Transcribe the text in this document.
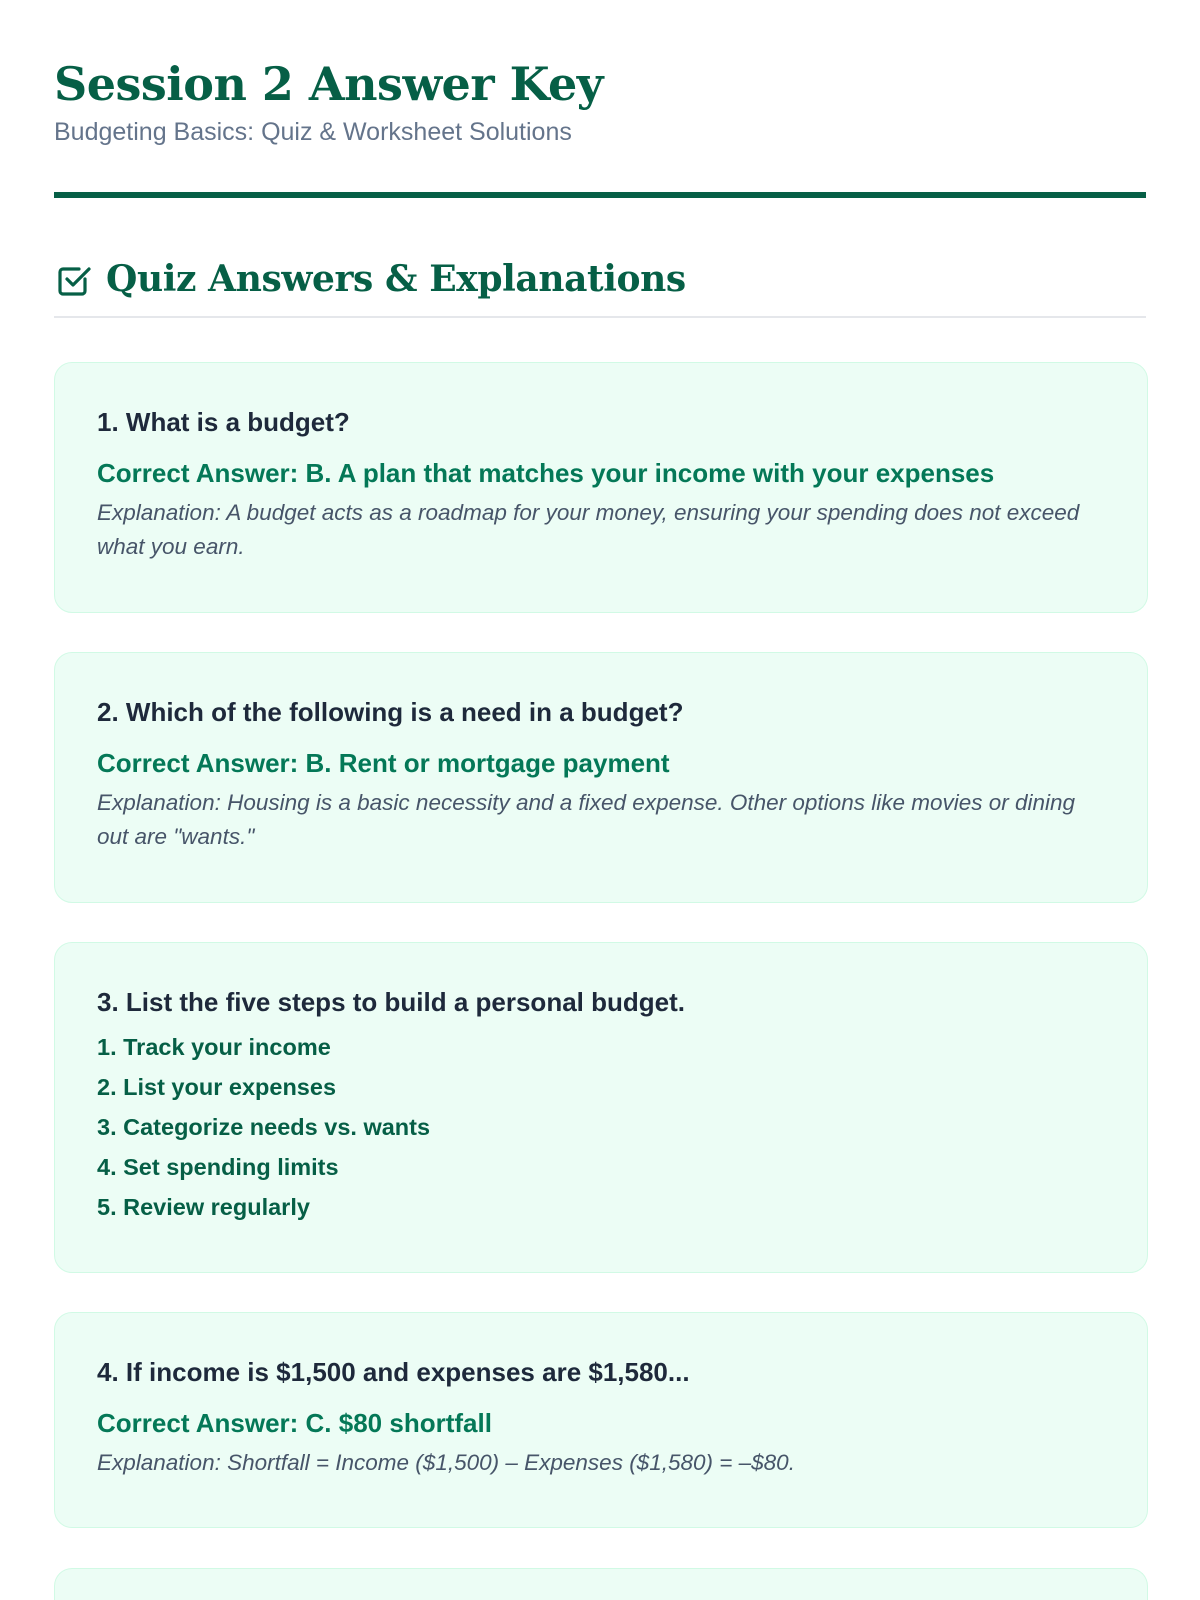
Session 2 Answer Key
Budgeting Basics: Quiz & Worksheet Solutions
Quiz Answers & Explanations
1. What is a budget?
Correct Answer: B. A plan that matches your income with your expenses
Explanation: A budget acts as a roadmap for your money, ensuring your spending does not exceed what you earn.
2. Which of the following is a need in a budget?
Correct Answer: B. Rent or mortgage payment
Explanation: Housing is a basic necessity and a fixed expense. Other options like movies or dining out are "wants."
3. List the five steps to build a personal budget.
1. Track your income
2. List your expenses
3. Categorize needs vs. wants
4. Set spending limits
5. Review regularly
4. If income is $1,500 and expenses are $1,580...
Correct Answer: C. $80 shortfall
Explanation: Shortfall = Income ($1,500) – Expenses ($1,580) = –$80.
